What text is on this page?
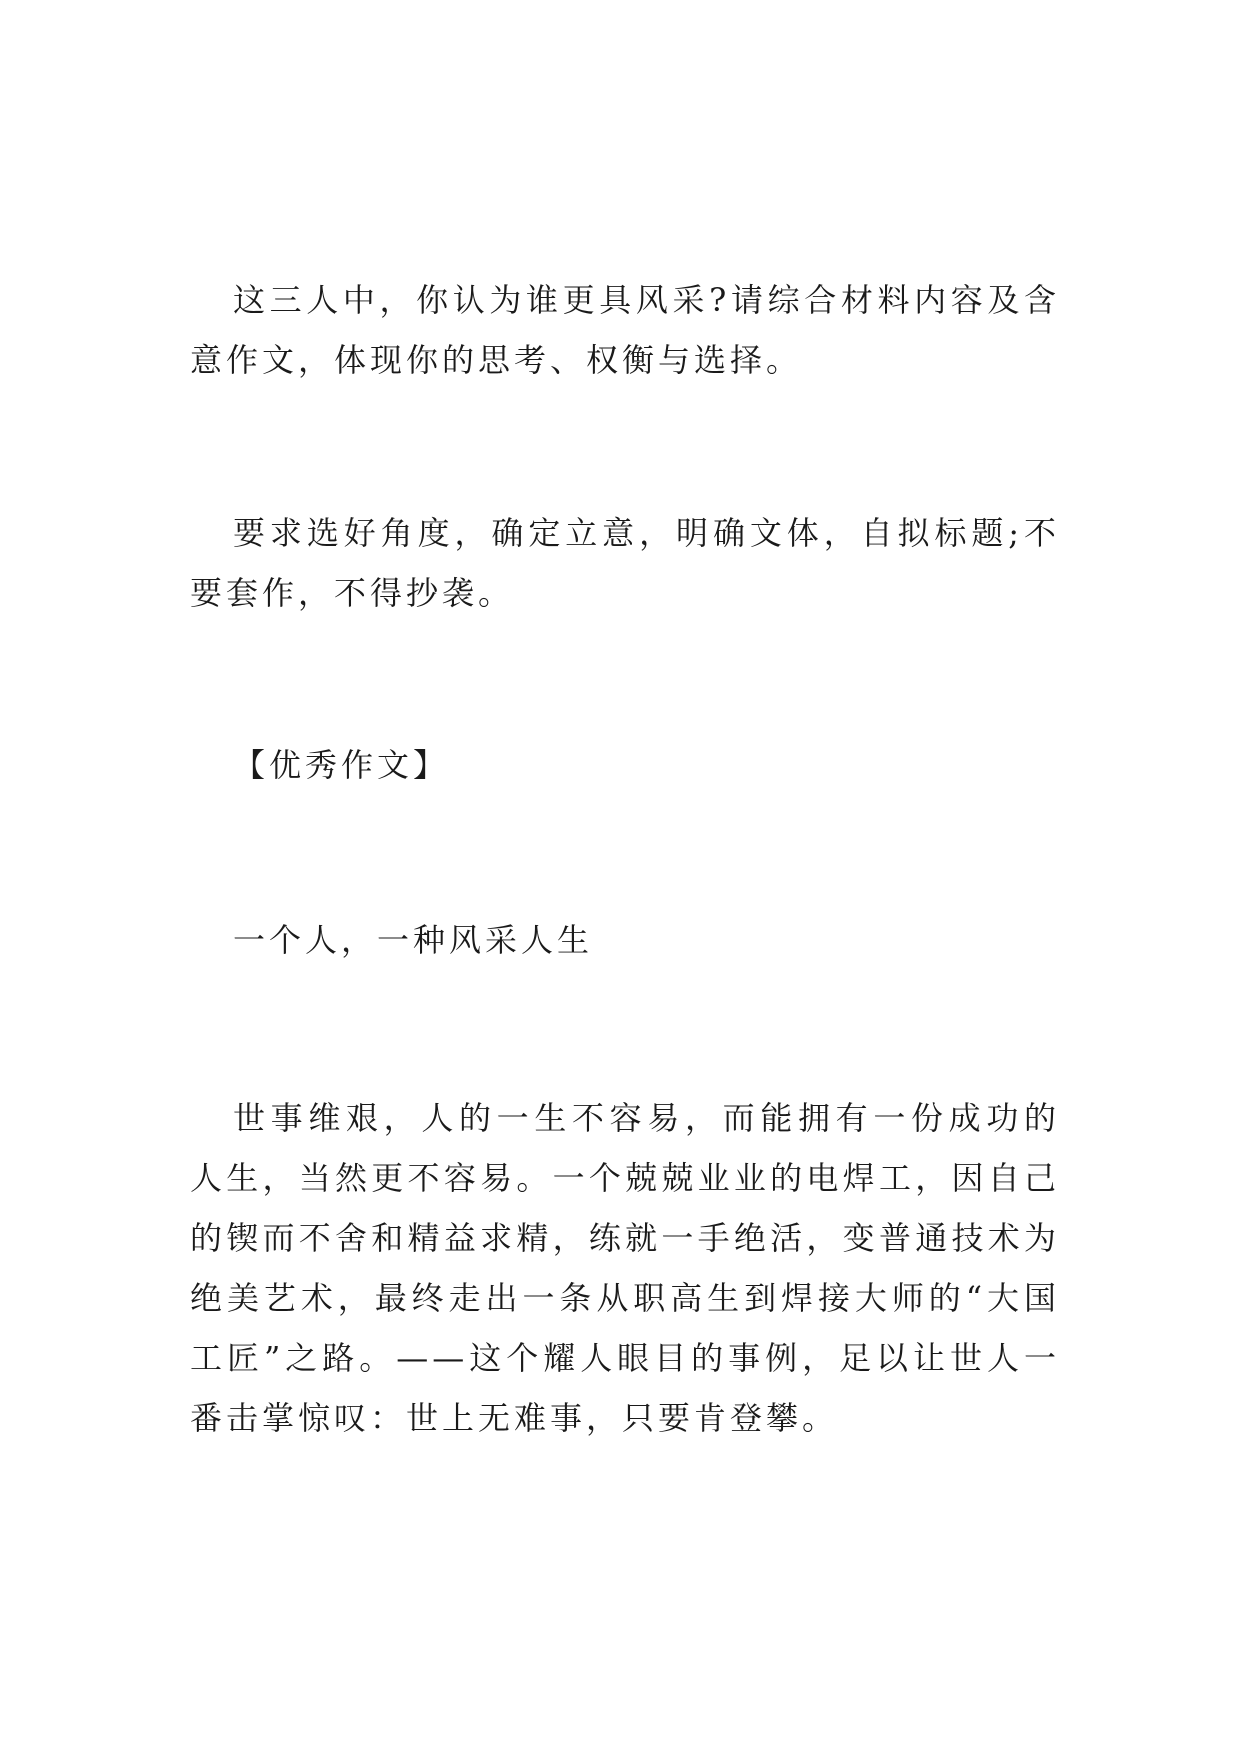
这三人中，你认为谁更具风采?请综合材料内容及含意作文，体现你的思考、权衡与选择。

要求选好角度，确定立意，明确文体，自拟标题;不要套作，不得抄袭。

【优秀作文】

一个人，一种风采人生

世事维艰，人的一生不容易，而能拥有一份成功的人生，当然更不容易。一个兢兢业业的电焊工，因自己的锲而不舍和精益求精，练就一手绝活，变普通技术为绝美艺术，最终走出一条从职高生到焊接大师的“大国工匠”之路。——这个耀人眼目的事例，足以让世人一番击掌惊叹：世上无难事，只要肯登攀。
